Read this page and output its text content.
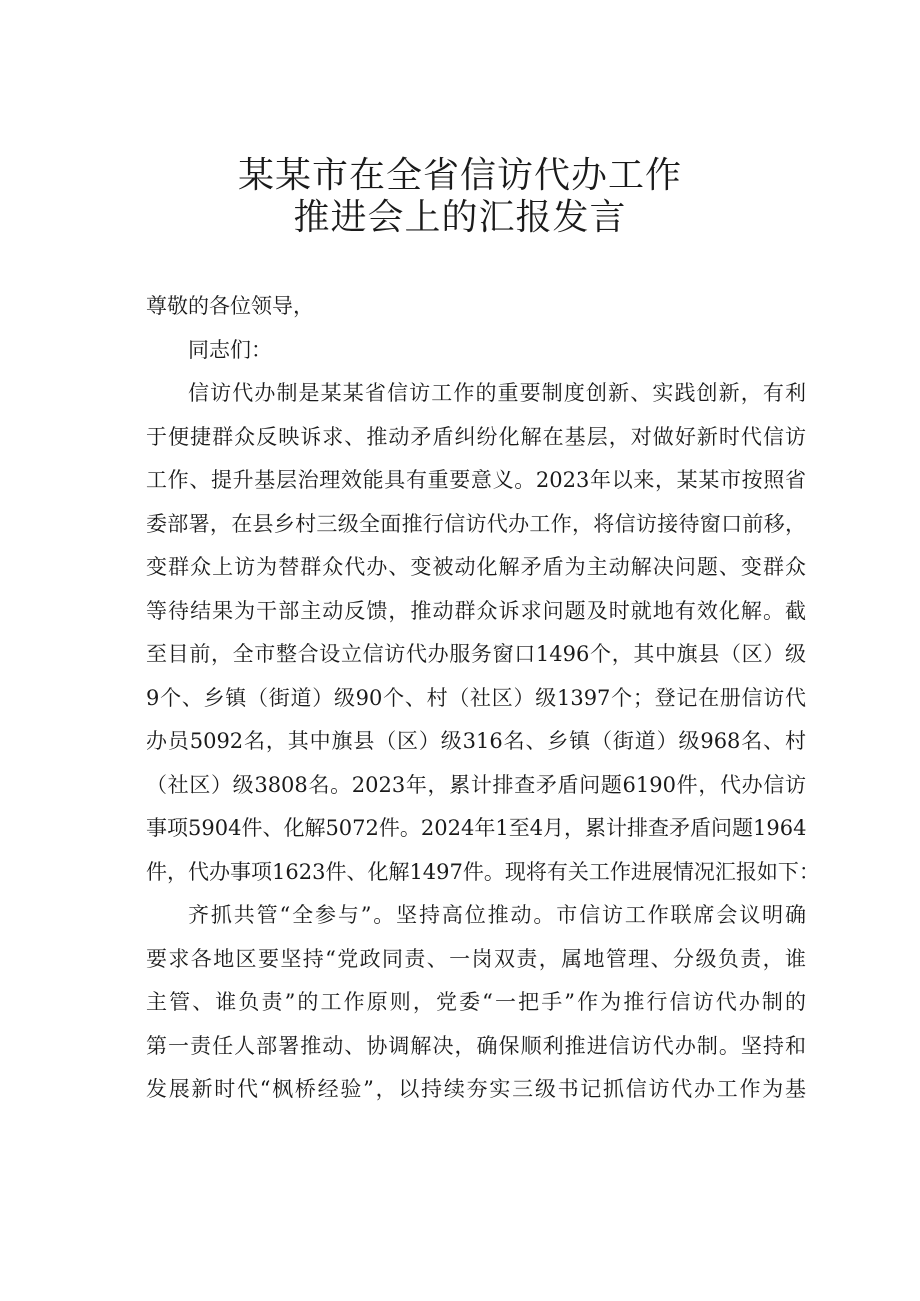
某某市在全省信访代办工作
推进会上的汇报发言
尊敬的各位领导，
同志们：
信访代办制是某某省信访工作的重要制度创新、实践创新，有利
于便捷群众反映诉求、推动矛盾纠纷化解在基层，对做好新时代信访
工作、提升基层治理效能具有重要意义。2023年以来，某某市按照省
委部署，在县乡村三级全面推行信访代办工作，将信访接待窗口前移，
变群众上访为替群众代办、变被动化解矛盾为主动解决问题、变群众
等待结果为干部主动反馈，推动群众诉求问题及时就地有效化解。截
至目前，全市整合设立信访代办服务窗口1496个，其中旗县（区）级
9个、乡镇（街道）级90个、村（社区）级1397个；登记在册信访代
办员5092名，其中旗县（区）级316名、乡镇（街道）级968名、村
（社区）级3808名。2023年，累计排查矛盾问题6190件，代办信访
事项5904件、化解5072件。2024年1至4月，累计排查矛盾问题1964
件，代办事项1623件、化解1497件。现将有关工作进展情况汇报如下：
齐抓共管“全参与”。坚持高位推动。市信访工作联席会议明确
要求各地区要坚持“党政同责、一岗双责，属地管理、分级负责，谁
主管、谁负责”的工作原则，党委“一把手”作为推行信访代办制的
第一责任人部署推动、协调解决，确保顺利推进信访代办制。坚持和
发展新时代“枫桥经验”，以持续夯实三级书记抓信访代办工作为基
